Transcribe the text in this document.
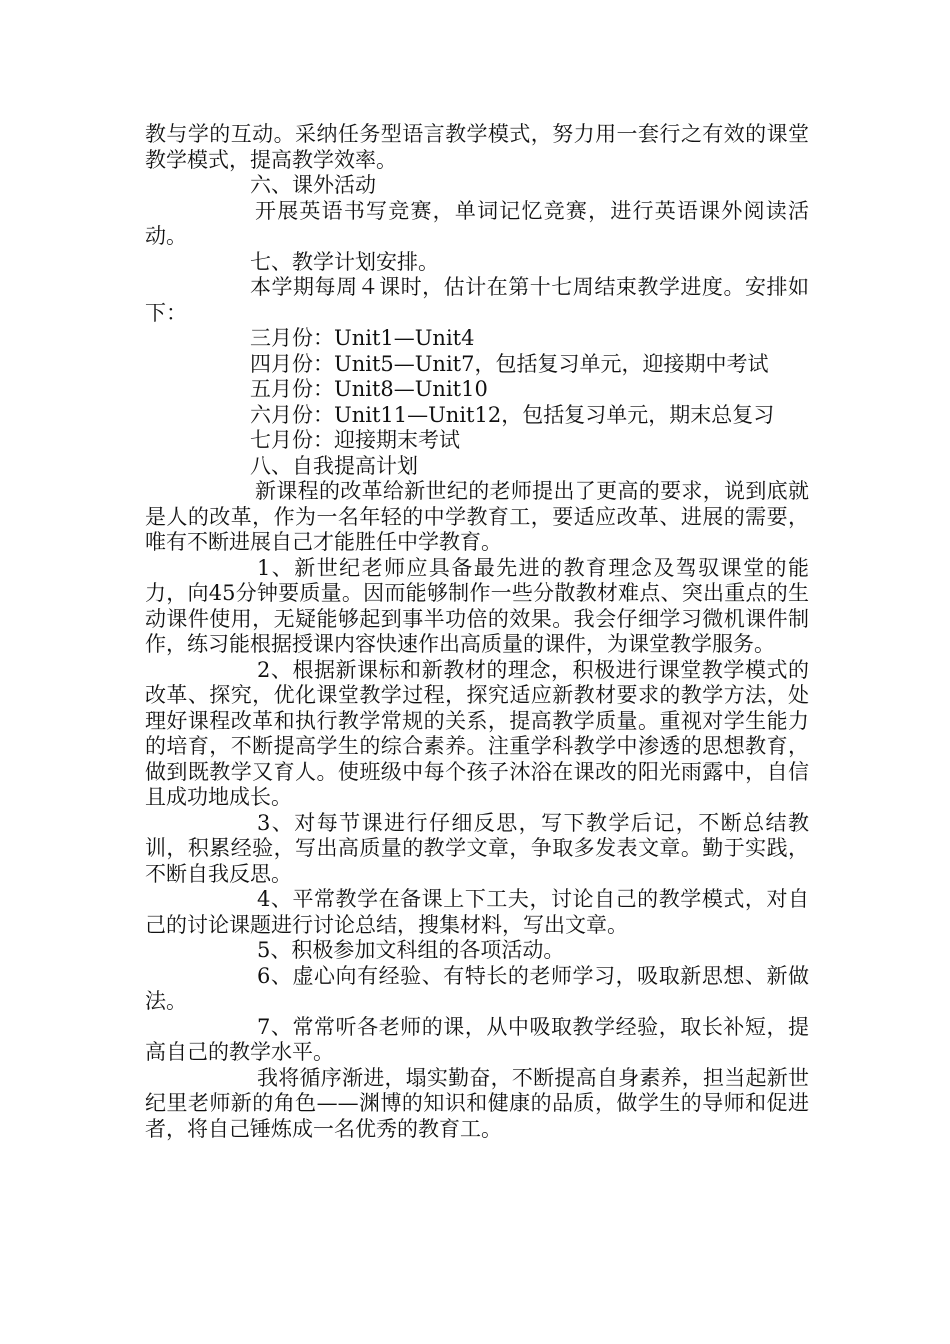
教与学的互动。采纳任务型语言教学模式，努力用一套行之有效的课堂教学模式，提高教学效率。

六、课外活动

开展英语书写竞赛，单词记忆竞赛，进行英语课外阅读活动。

七、教学计划安排。

本学期每周４课时，估计在第十七周结束教学进度。安排如下：

三月份：Unit1—Unit4

四月份：Unit5—Unit7，包括复习单元，迎接期中考试

五月份：Unit8—Unit10

六月份：Unit11—Unit12，包括复习单元，期末总复习

七月份：迎接期末考试

八、自我提高计划

新课程的改革给新世纪的老师提出了更高的要求，说到底就是人的改革，作为一名年轻的中学教育工，要适应改革、进展的需要，唯有不断进展自己才能胜任中学教育。

1、新世纪老师应具备最先进的教育理念及驾驭课堂的能力，向45分钟要质量。因而能够制作一些分散教材难点、突出重点的生动课件使用，无疑能够起到事半功倍的效果。我会仔细学习微机课件制作，练习能根据授课内容快速作出高质量的课件，为课堂教学服务。

2、根据新课标和新教材的理念，积极进行课堂教学模式的改革、探究，优化课堂教学过程，探究适应新教材要求的教学方法，处理好课程改革和执行教学常规的关系，提高教学质量。重视对学生能力的培育，不断提高学生的综合素养。注重学科教学中渗透的思想教育，做到既教学又育人。使班级中每个孩子沐浴在课改的阳光雨露中，自信且成功地成长。

3、对每节课进行仔细反思，写下教学后记，不断总结教训，积累经验，写出高质量的教学文章，争取多发表文章。勤于实践，不断自我反思。

4、平常教学在备课上下工夫，讨论自己的教学模式，对自己的讨论课题进行讨论总结，搜集材料，写出文章。

5、积极参加文科组的各项活动。

6、虚心向有经验、有特长的老师学习，吸取新思想、新做法。

7、常常听各老师的课，从中吸取教学经验，取长补短，提高自己的教学水平。

我将循序渐进，塌实勤奋，不断提高自身素养，担当起新世纪里老师新的角色——渊博的知识和健康的品质，做学生的导师和促进者，将自己锤炼成一名优秀的教育工。
